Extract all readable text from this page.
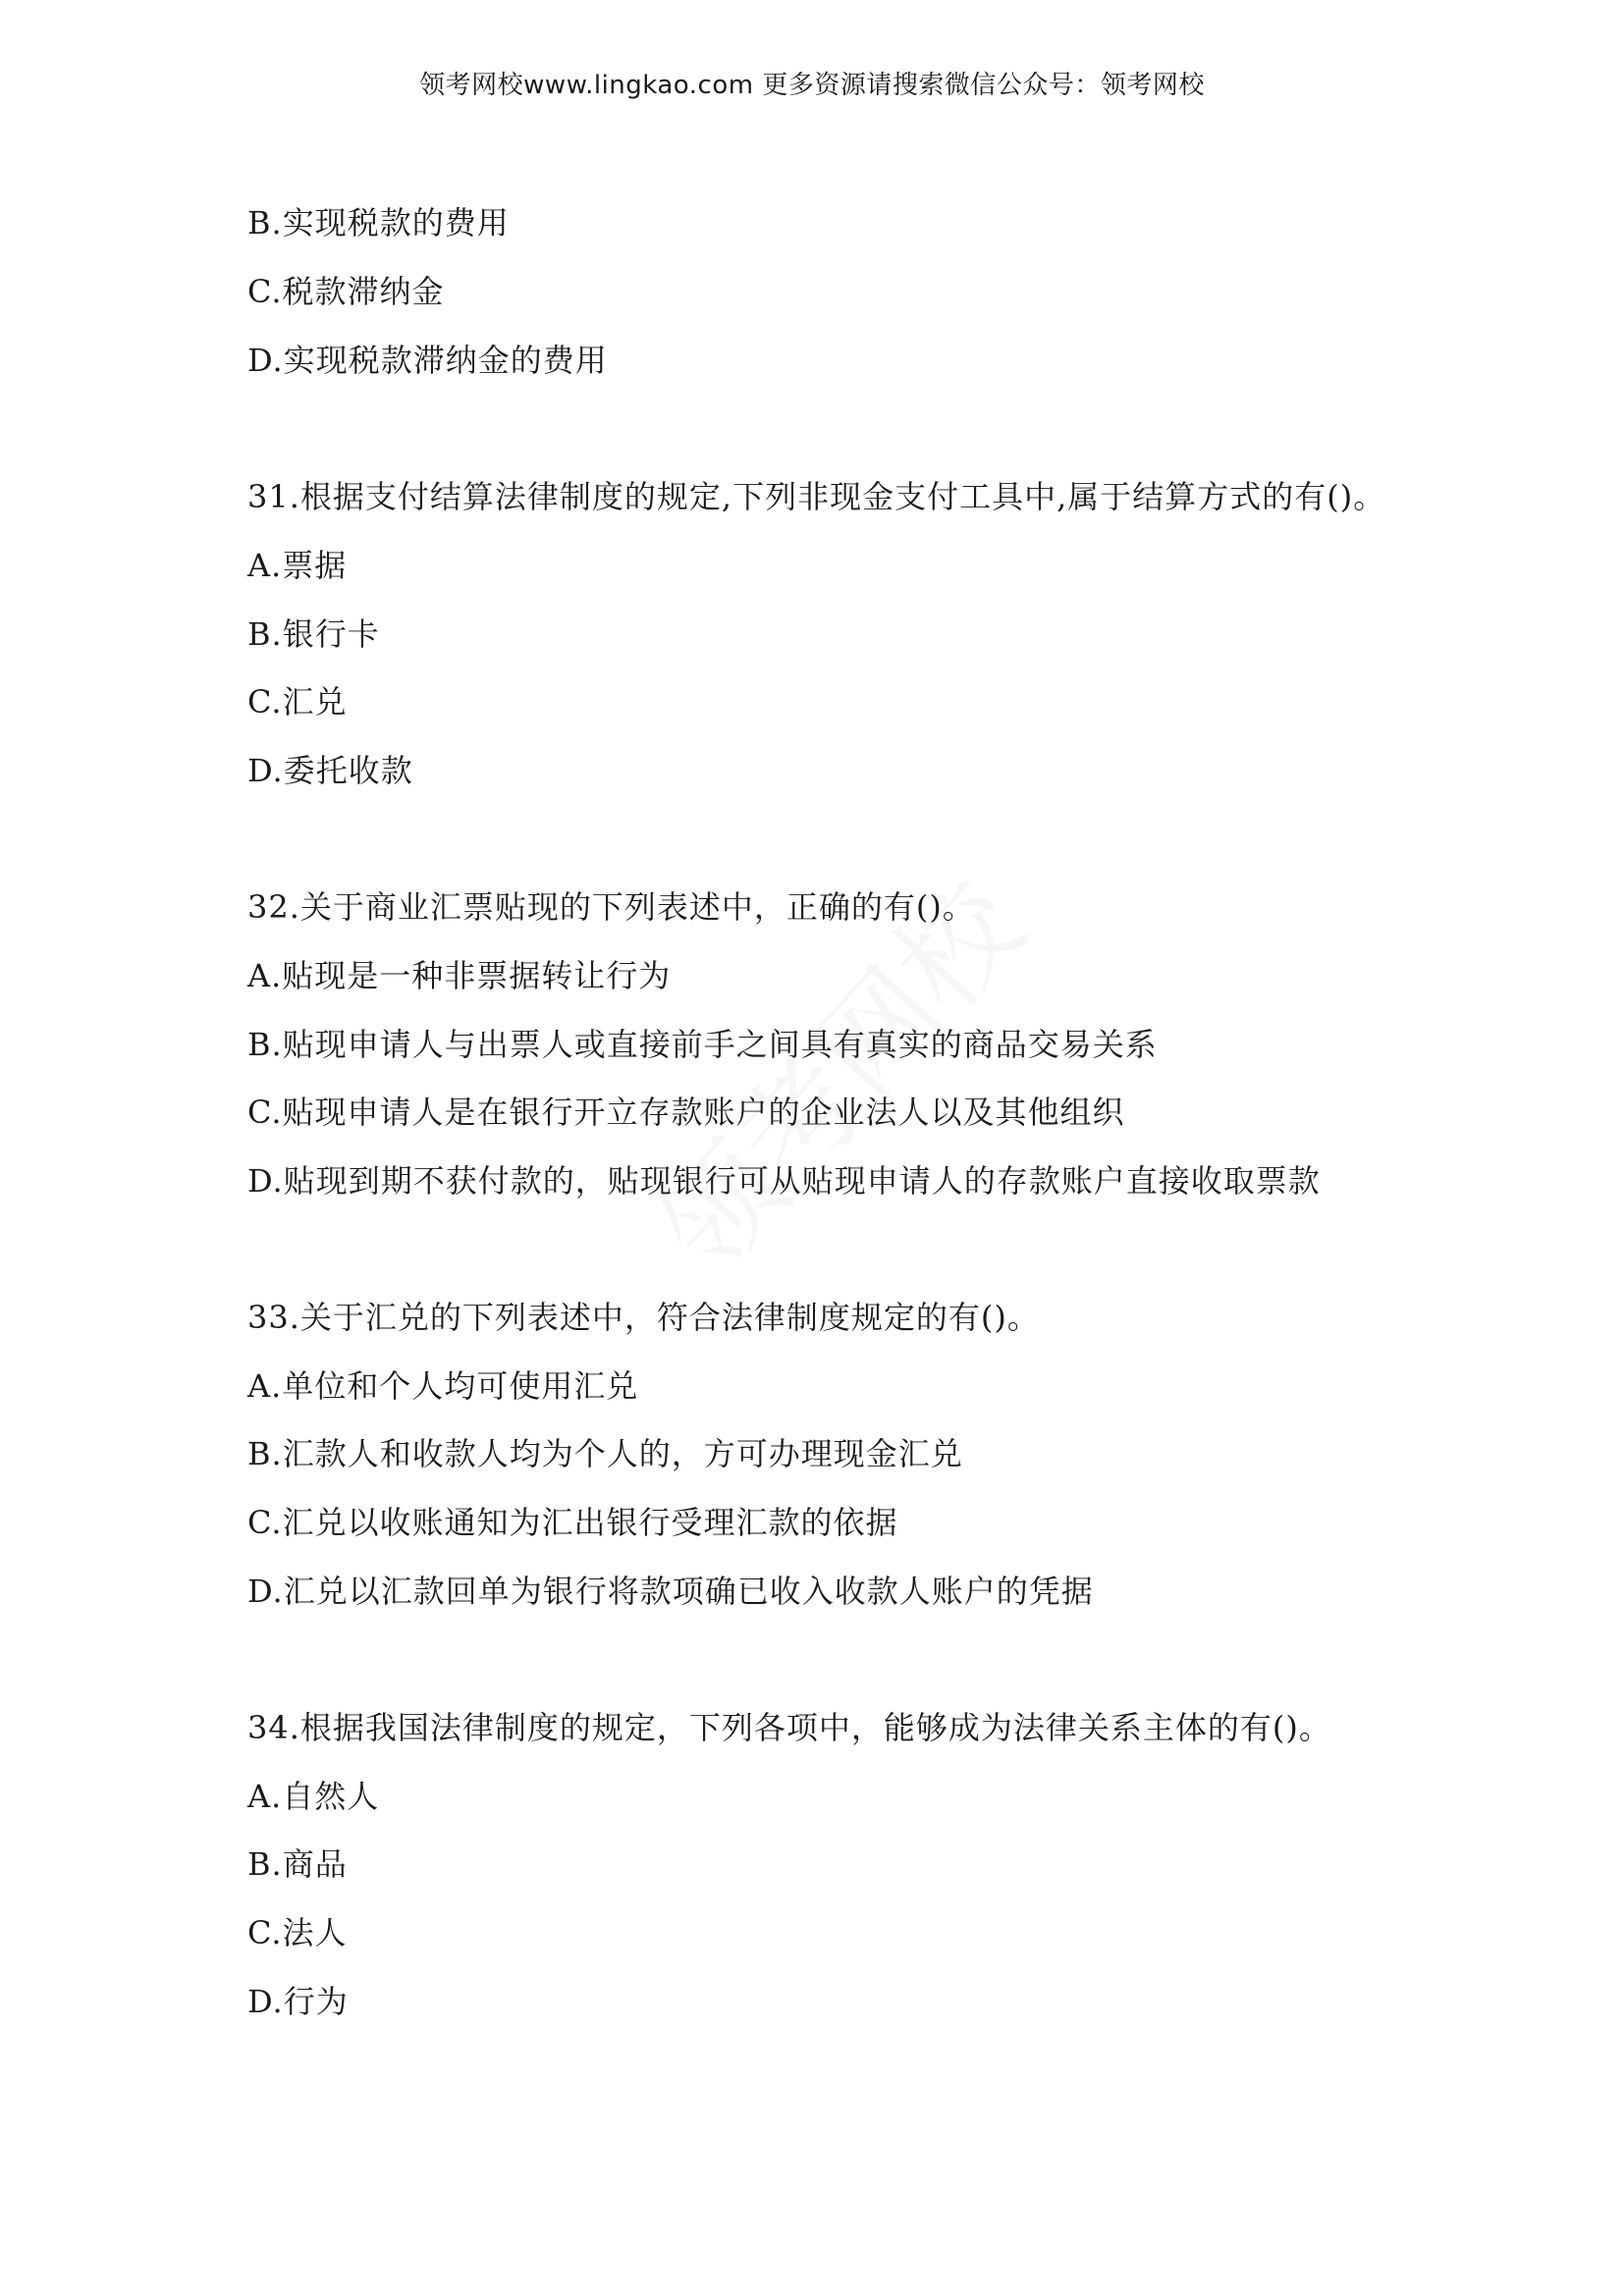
领考网校www.lingkao.com 更多资源请搜索微信公众号：领考网校
B.实现税款的费用
C.税款滞纳金
D.实现税款滞纳金的费用
31.根据支付结算法律制度的规定,下列非现金支付工具中,属于结算方式的有()。
A.票据
B.银行卡
C.汇兑
D.委托收款
32.关于商业汇票贴现的下列表述中，正确的有()。
A.贴现是一种非票据转让行为
B.贴现申请人与出票人或直接前手之间具有真实的商品交易关系
C.贴现申请人是在银行开立存款账户的企业法人以及其他组织
D.贴现到期不获付款的，贴现银行可从贴现申请人的存款账户直接收取票款
33.关于汇兑的下列表述中，符合法律制度规定的有()。
A.单位和个人均可使用汇兑
B.汇款人和收款人均为个人的，方可办理现金汇兑
C.汇兑以收账通知为汇出银行受理汇款的依据
D.汇兑以汇款回单为银行将款项确已收入收款人账户的凭据
34.根据我国法律制度的规定，下列各项中，能够成为法律关系主体的有()。
A.自然人
B.商品
C.法人
D.行为
